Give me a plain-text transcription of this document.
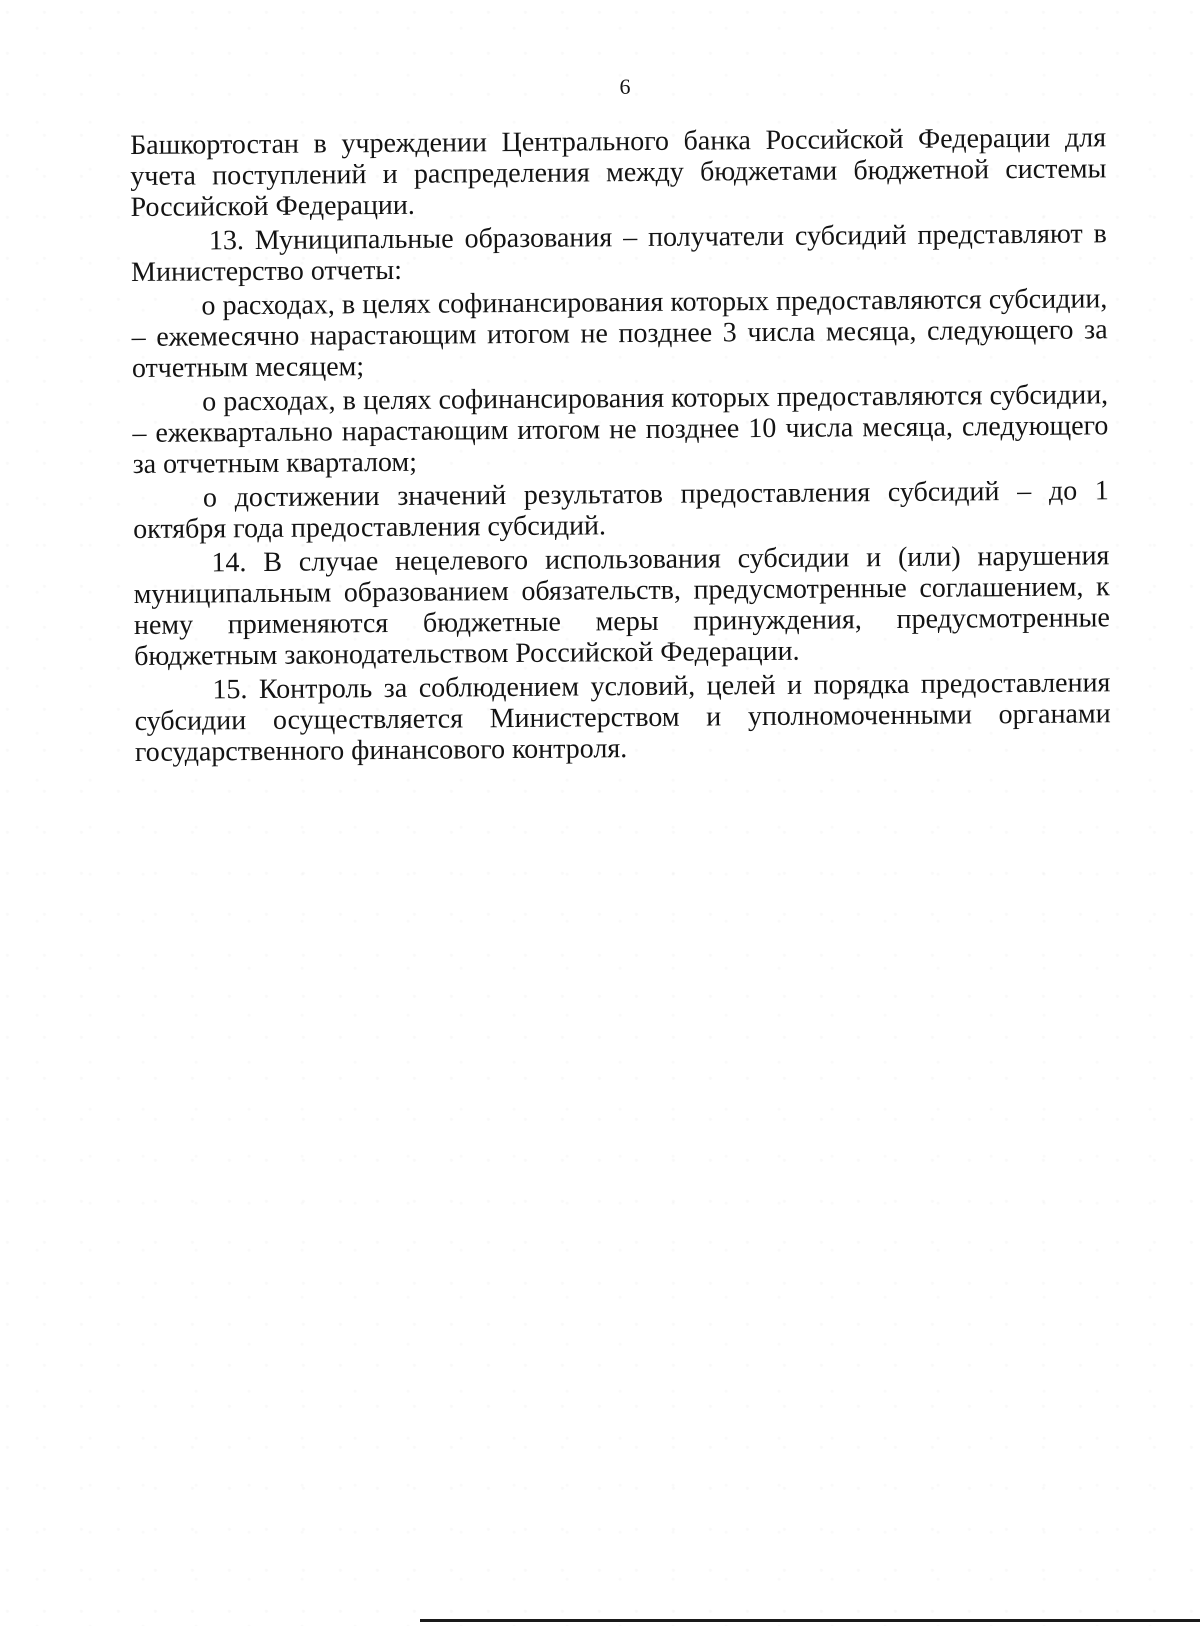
6

Башкортостан в учреждении Центрального банка Российской Федерации для учета поступлений и распределения между бюджетами бюджетной системы Российской Федерации.

13. Муниципальные образования – получатели субсидий представляют в Министерство отчеты:

о расходах, в целях софинансирования которых предоставляются субсидии, – ежемесячно нарастающим итогом не позднее 3 числа месяца, следующего за отчетным месяцем;

о расходах, в целях софинансирования которых предоставляются субсидии, – ежеквартально нарастающим итогом не позднее 10 числа месяца, следующего за отчетным кварталом;

о достижении значений результатов предоставления субсидий – до 1 октября года предоставления субсидий.

14. В случае нецелевого использования субсидии и (или) нарушения муниципальным образованием обязательств, предусмотренные соглашением, к нему применяются бюджетные меры принуждения, предусмотренные бюджетным законодательством Российской Федерации.

15. Контроль за соблюдением условий, целей и порядка предоставления субсидии осуществляется Министерством и уполномоченными органами государственного финансового контроля.
